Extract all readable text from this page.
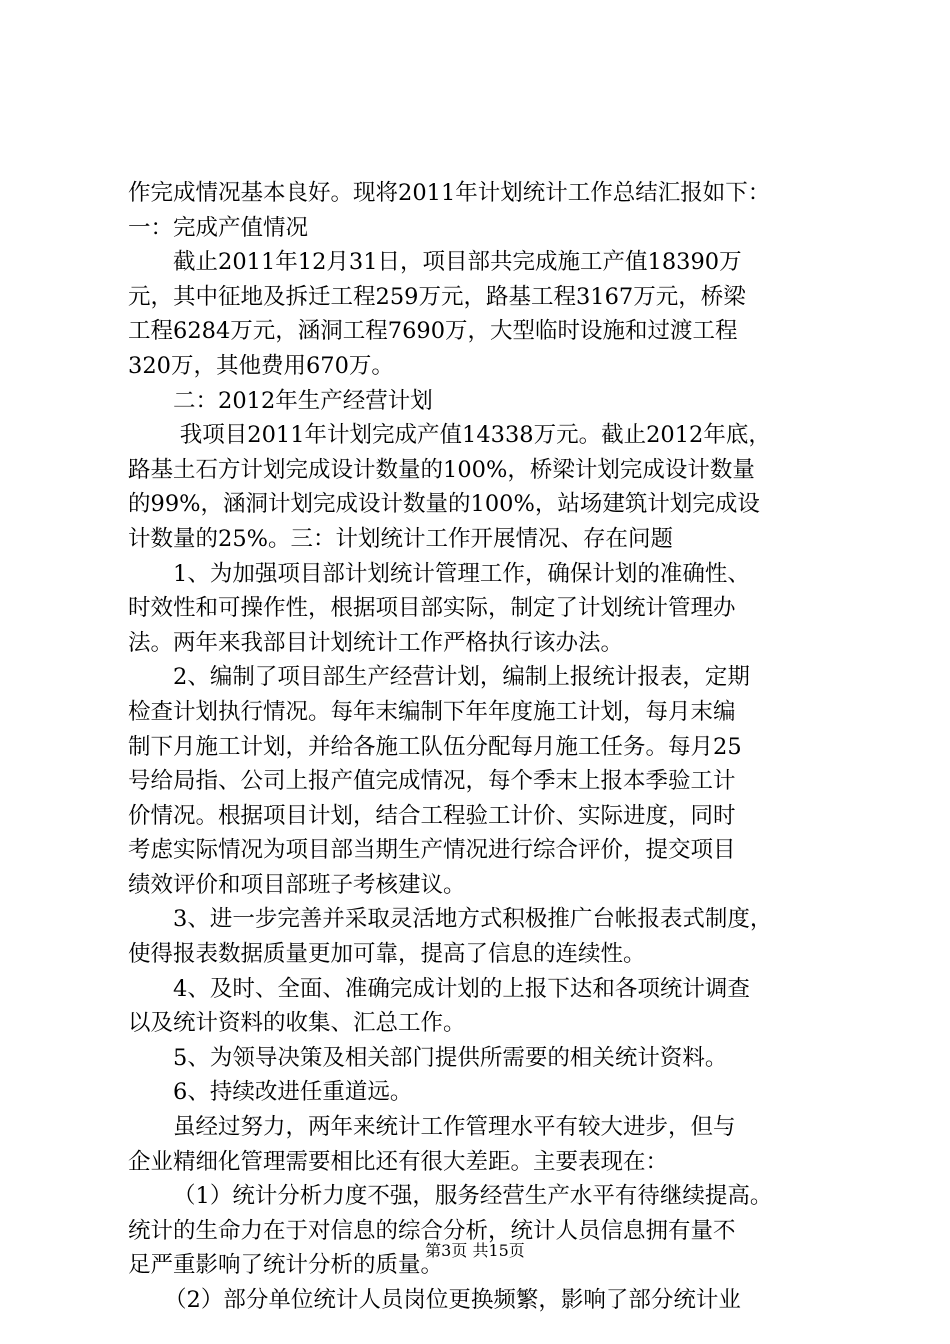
作完成情况基本良好。现将2011年计划统计工作总结汇报如下：
一：完成产值情况
截止2011年12月31日，项目部共完成施工产值18390万
元，其中征地及拆迁工程259万元，路基工程3167万元，桥梁
工程6284万元，涵洞工程7690万，大型临时设施和过渡工程
320万，其他费用670万。
二：2012年生产经营计划
我项目2011年计划完成产值14338万元。截止2012年底，
路基土石方计划完成设计数量的100%，桥梁计划完成设计数量
的99%，涵洞计划完成设计数量的100%，站场建筑计划完成设
计数量的25%。三：计划统计工作开展情况、存在问题
1、为加强项目部计划统计管理工作，确保计划的准确性、
时效性和可操作性，根据项目部实际，制定了计划统计管理办
法。两年来我部目计划统计工作严格执行该办法。
2、编制了项目部生产经营计划，编制上报统计报表，定期
检查计划执行情况。每年末编制下年年度施工计划，每月末编
制下月施工计划，并给各施工队伍分配每月施工任务。每月25
号给局指、公司上报产值完成情况，每个季末上报本季验工计
价情况。根据项目计划，结合工程验工计价、实际进度，同时
考虑实际情况为项目部当期生产情况进行综合评价，提交项目
绩效评价和项目部班子考核建议。
3、进一步完善并采取灵活地方式积极推广台帐报表式制度，
使得报表数据质量更加可靠，提高了信息的连续性。
4、及时、全面、准确完成计划的上报下达和各项统计调查
以及统计资料的收集、汇总工作。
5、为领导决策及相关部门提供所需要的相关统计资料。
6、持续改进任重道远。
虽经过努力，两年来统计工作管理水平有较大进步，但与
企业精细化管理需要相比还有很大差距。主要表现在：
（1）统计分析力度不强，服务经营生产水平有待继续提高。
统计的生命力在于对信息的综合分析，统计人员信息拥有量不
足严重影响了统计分析的质量。
（2）部分单位统计人员岗位更换频繁，影响了部分统计业
第3页 共15页
